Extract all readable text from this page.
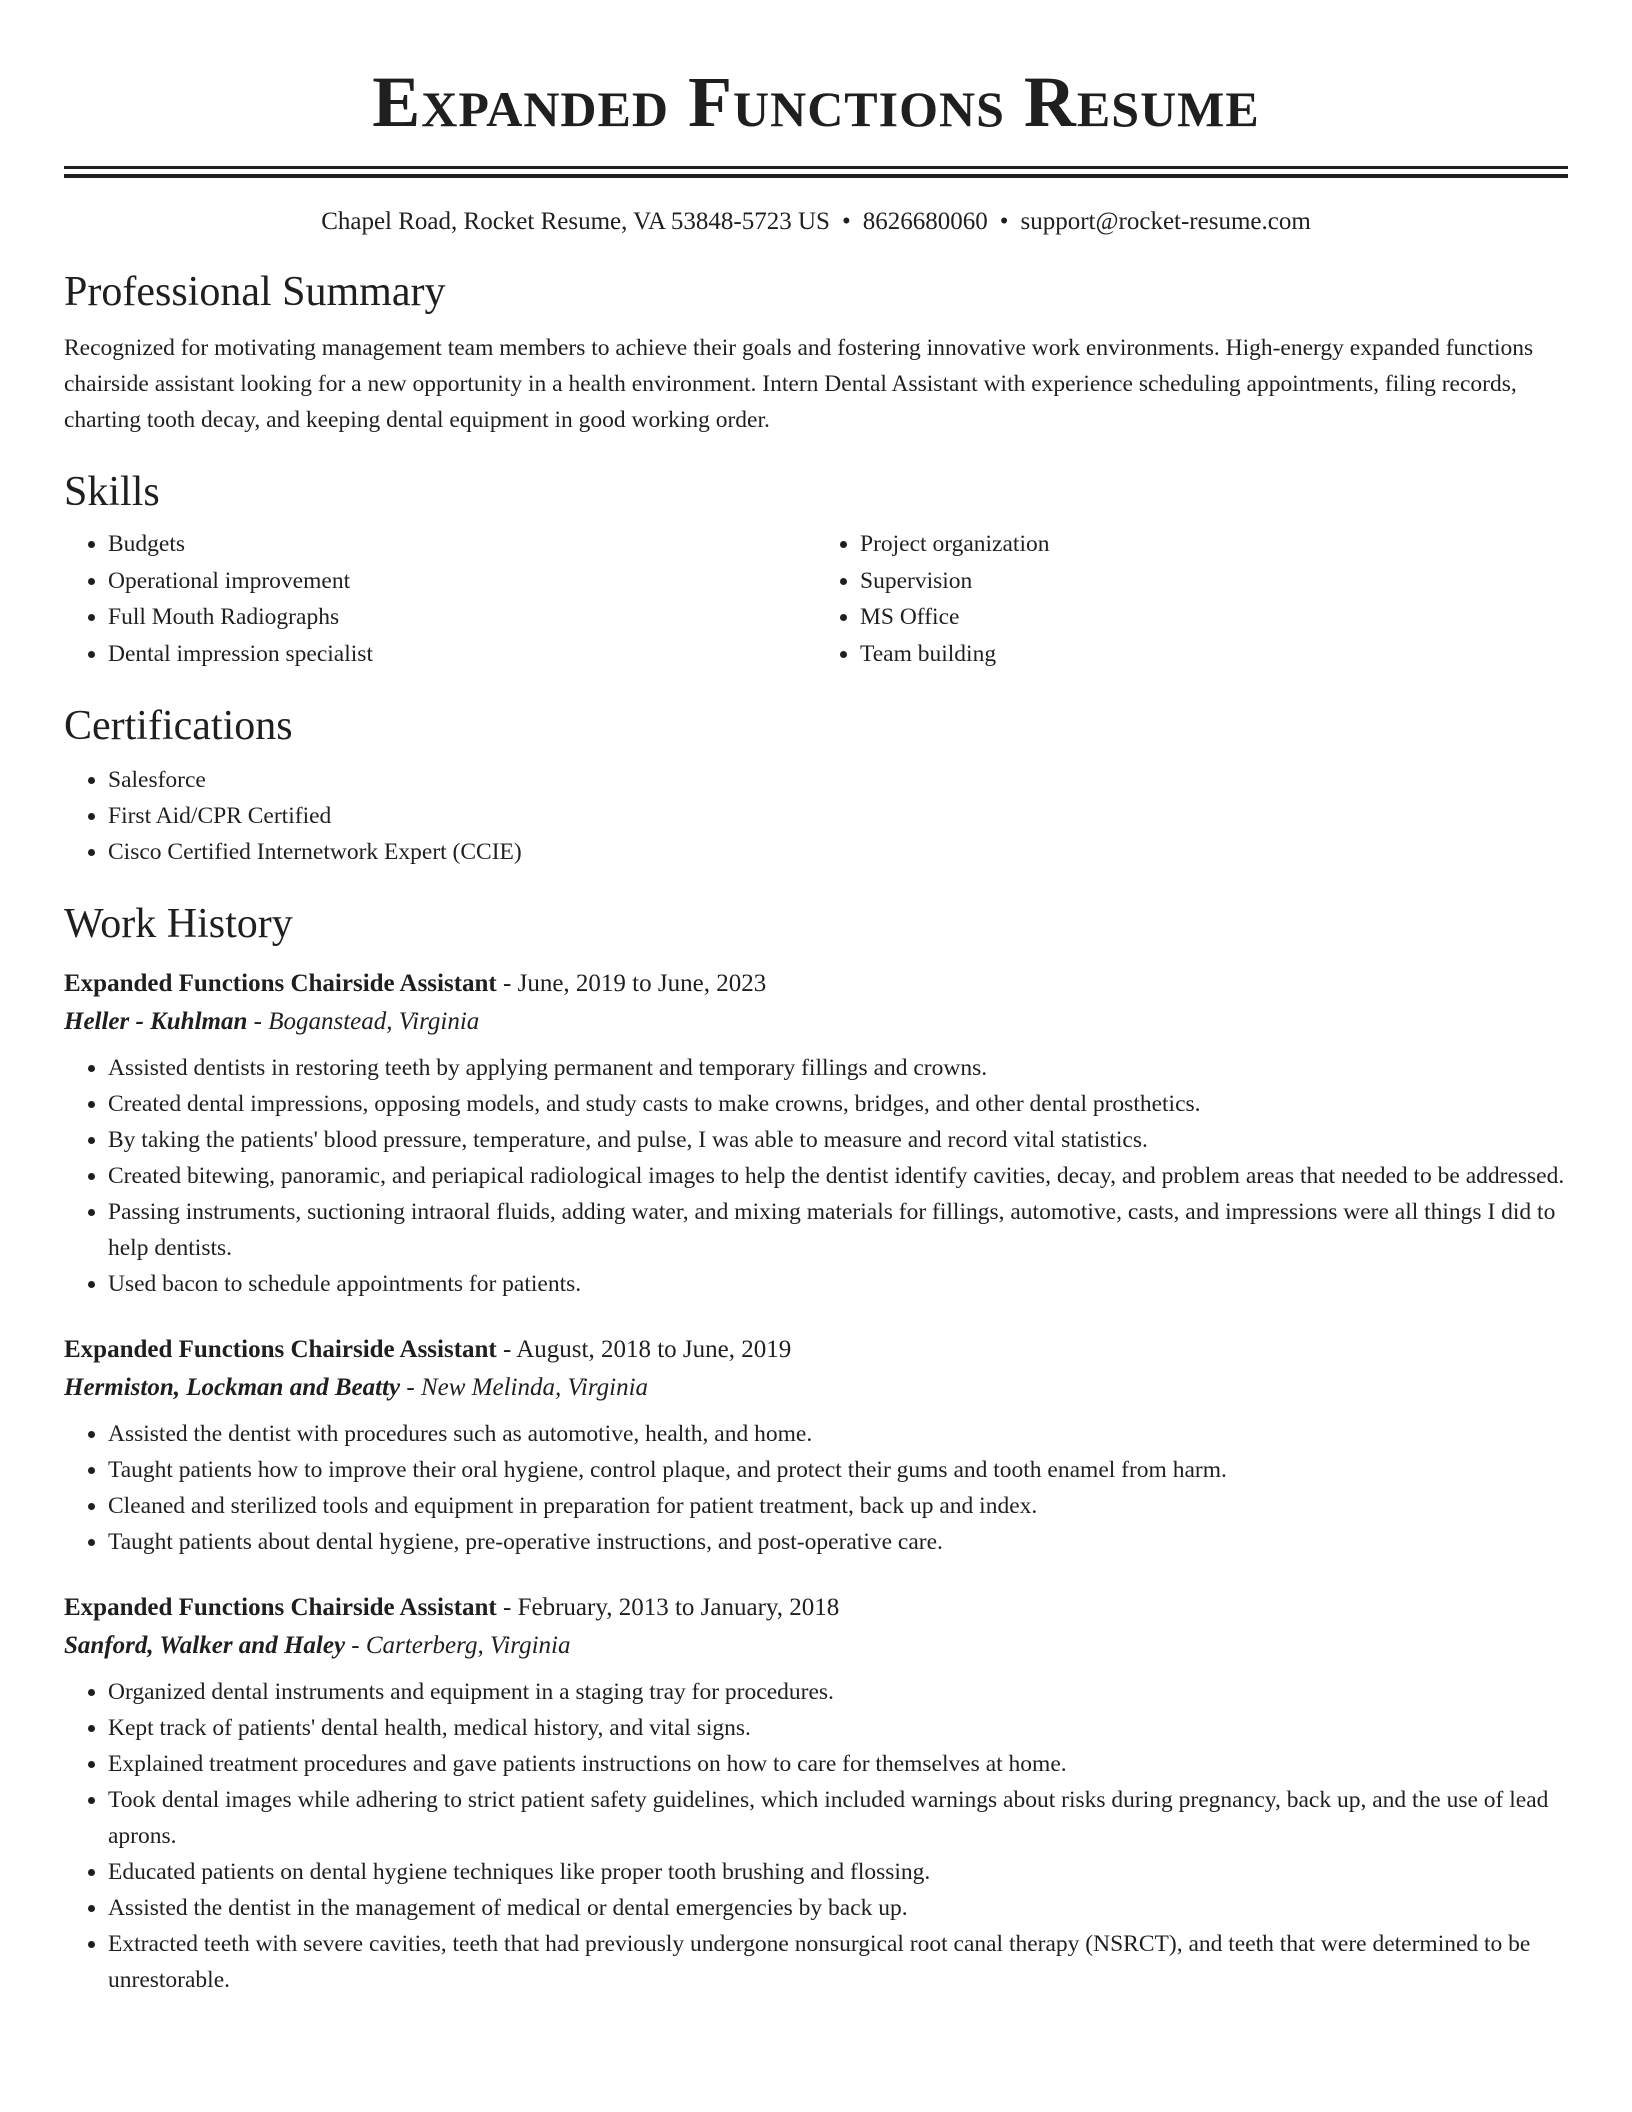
Expanded Functions Resume
Chapel Road, Rocket Resume, VA 53848-5723 US • 8626680060 • support@rocket-resume.com
Professional Summary

Recognized for motivating management team members to achieve their goals and fostering innovative work environments. High-energy expanded functions chairside assistant looking for a new opportunity in a health environment. Intern Dental Assistant with experience scheduling appointments, filing records, charting tooth decay, and keeping dental equipment in good working order.

Skills
• Budgets
• Operational improvement
• Full Mouth Radiographs
• Dental impression specialist
• Project organization
• Supervision
• MS Office
• Team building
Certifications
• Salesforce
• First Aid/CPR Certified
• Cisco Certified Internetwork Expert (CCIE)
Work History
Expanded Functions Chairside Assistant - June, 2019 to June, 2023
Heller - Kuhlman - Boganstead, Virginia
• Assisted dentists in restoring teeth by applying permanent and temporary fillings and crowns.
• Created dental impressions, opposing models, and study casts to make crowns, bridges, and other dental prosthetics.
• By taking the patients' blood pressure, temperature, and pulse, I was able to measure and record vital statistics.
• Created bitewing, panoramic, and periapical radiological images to help the dentist identify cavities, decay, and problem areas that needed to be addressed.
• Passing instruments, suctioning intraoral fluids, adding water, and mixing materials for fillings, automotive, casts, and impressions were all things I did to help dentists.
• Used bacon to schedule appointments for patients.
Expanded Functions Chairside Assistant - August, 2018 to June, 2019
Hermiston, Lockman and Beatty - New Melinda, Virginia
• Assisted the dentist with procedures such as automotive, health, and home.
• Taught patients how to improve their oral hygiene, control plaque, and protect their gums and tooth enamel from harm.
• Cleaned and sterilized tools and equipment in preparation for patient treatment, back up and index.
• Taught patients about dental hygiene, pre-operative instructions, and post-operative care.
Expanded Functions Chairside Assistant - February, 2013 to January, 2018
Sanford, Walker and Haley - Carterberg, Virginia
• Organized dental instruments and equipment in a staging tray for procedures.
• Kept track of patients' dental health, medical history, and vital signs.
• Explained treatment procedures and gave patients instructions on how to care for themselves at home.
• Took dental images while adhering to strict patient safety guidelines, which included warnings about risks during pregnancy, back up, and the use of lead aprons.
• Educated patients on dental hygiene techniques like proper tooth brushing and flossing.
• Assisted the dentist in the management of medical or dental emergencies by back up.
• Extracted teeth with severe cavities, teeth that had previously undergone nonsurgical root canal therapy (NSRCT), and teeth that were determined to be unrestorable.
